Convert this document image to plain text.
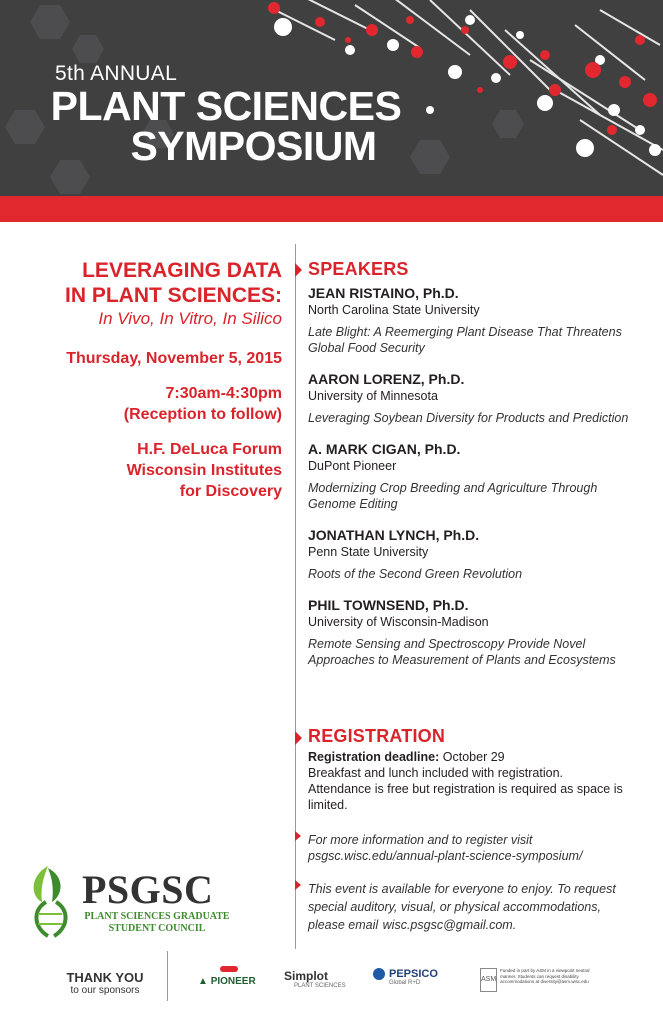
5th ANNUAL
PLANT SCIENCES
SYMPOSIUM
LEVERAGING DATA
IN PLANT SCIENCES:
In Vivo, In Vitro, In Silico
Thursday, November 5, 2015
7:30am-4:30pm
(Reception to follow)
H.F. DeLuca Forum
Wisconsin Institutes
for Discovery
SPEAKERS
JEAN RISTAINO, Ph.D.
North Carolina State University
Late Blight: A Reemerging Plant Disease That Threatens Global Food Security
AARON LORENZ, Ph.D.
University of Minnesota
Leveraging Soybean Diversity for Products and Prediction
A. MARK CIGAN, Ph.D.
DuPont Pioneer
Modernizing Crop Breeding and Agriculture Through Genome Editing
JONATHAN LYNCH, Ph.D.
Penn State University
Roots of the Second Green Revolution
PHIL TOWNSEND, Ph.D.
University of Wisconsin-Madison
Remote Sensing and Spectroscopy Provide Novel Approaches to Measurement of Plants and Ecosystems
REGISTRATION
Registration deadline: October 29
Breakfast and lunch included with registration.
Attendance is free but registration is required as space is limited.
For more information and to register visit
psgsc.wisc.edu/annual-plant-science-symposium/
This event is available for everyone to enjoy. To request special auditory, visual, or physical accommodations, please email wisc.psgsc@gmail.com.
PSGSC
PLANT SCIENCES GRADUATE
STUDENT COUNCIL
THANK YOU
to our sponsors
▲ PIONEER Simplot
PLANT SCIENCES
PEPSICO
Global R+D	ASM
Funded in part by ASM in a viewpoint neutral manner. Students can request disability accommodations at diversity@asm.wisc.edu
